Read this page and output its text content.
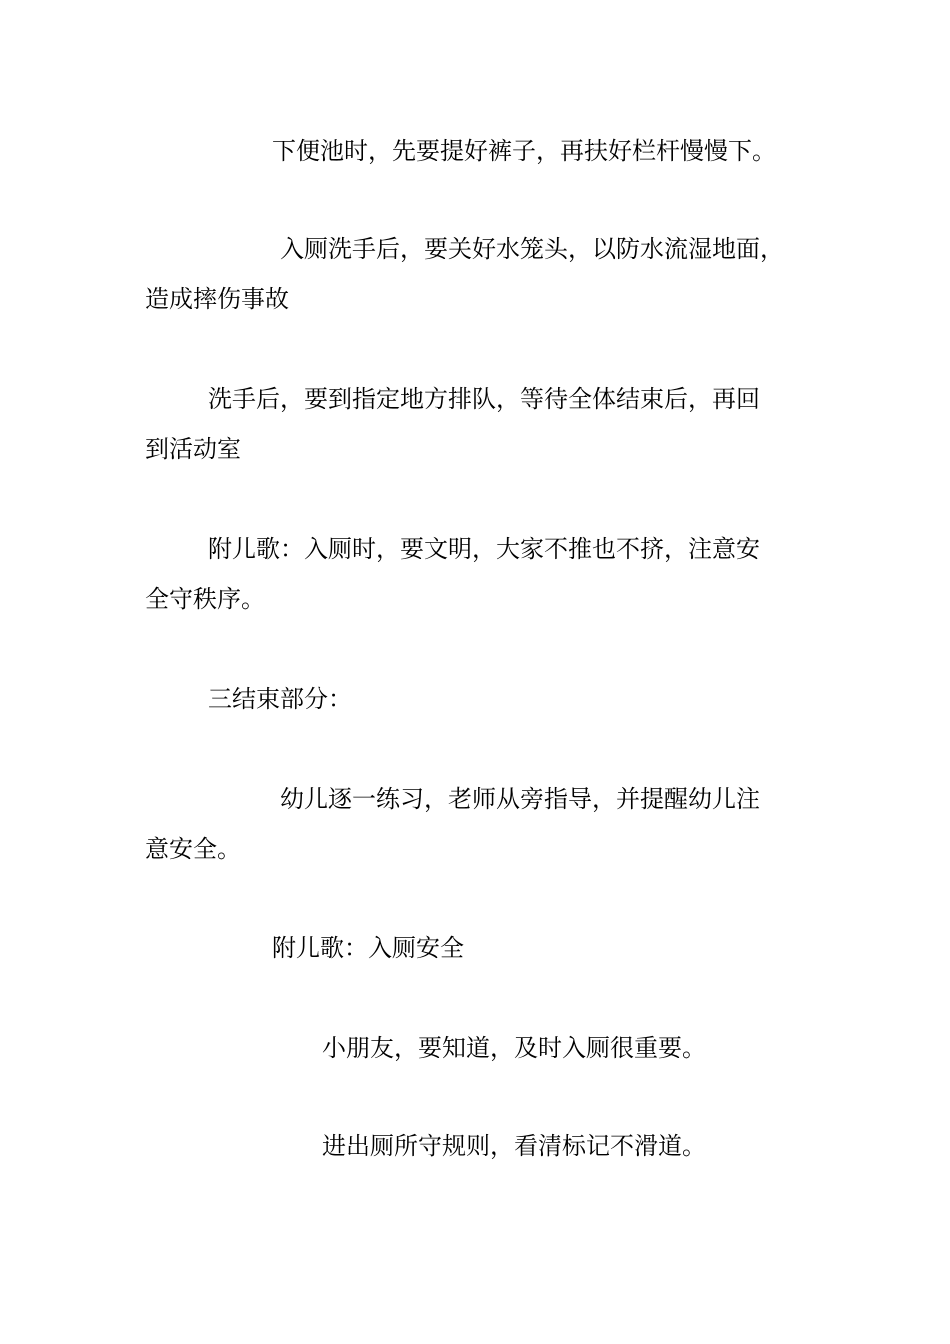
下便池时，先要提好裤子，再扶好栏杆慢慢下。

入厕洗手后，要关好水笼头，以防水流湿地面，

造成摔伤事故

洗手后，要到指定地方排队，等待全体结束后，再回

到活动室

附儿歌：入厕时，要文明，大家不推也不挤，注意安

全守秩序。

三结束部分：

幼儿逐一练习，老师从旁指导，并提醒幼儿注

意安全。

附儿歌：入厕安全

小朋友，要知道，及时入厕很重要。

进出厕所守规则，看清标记不滑道。
